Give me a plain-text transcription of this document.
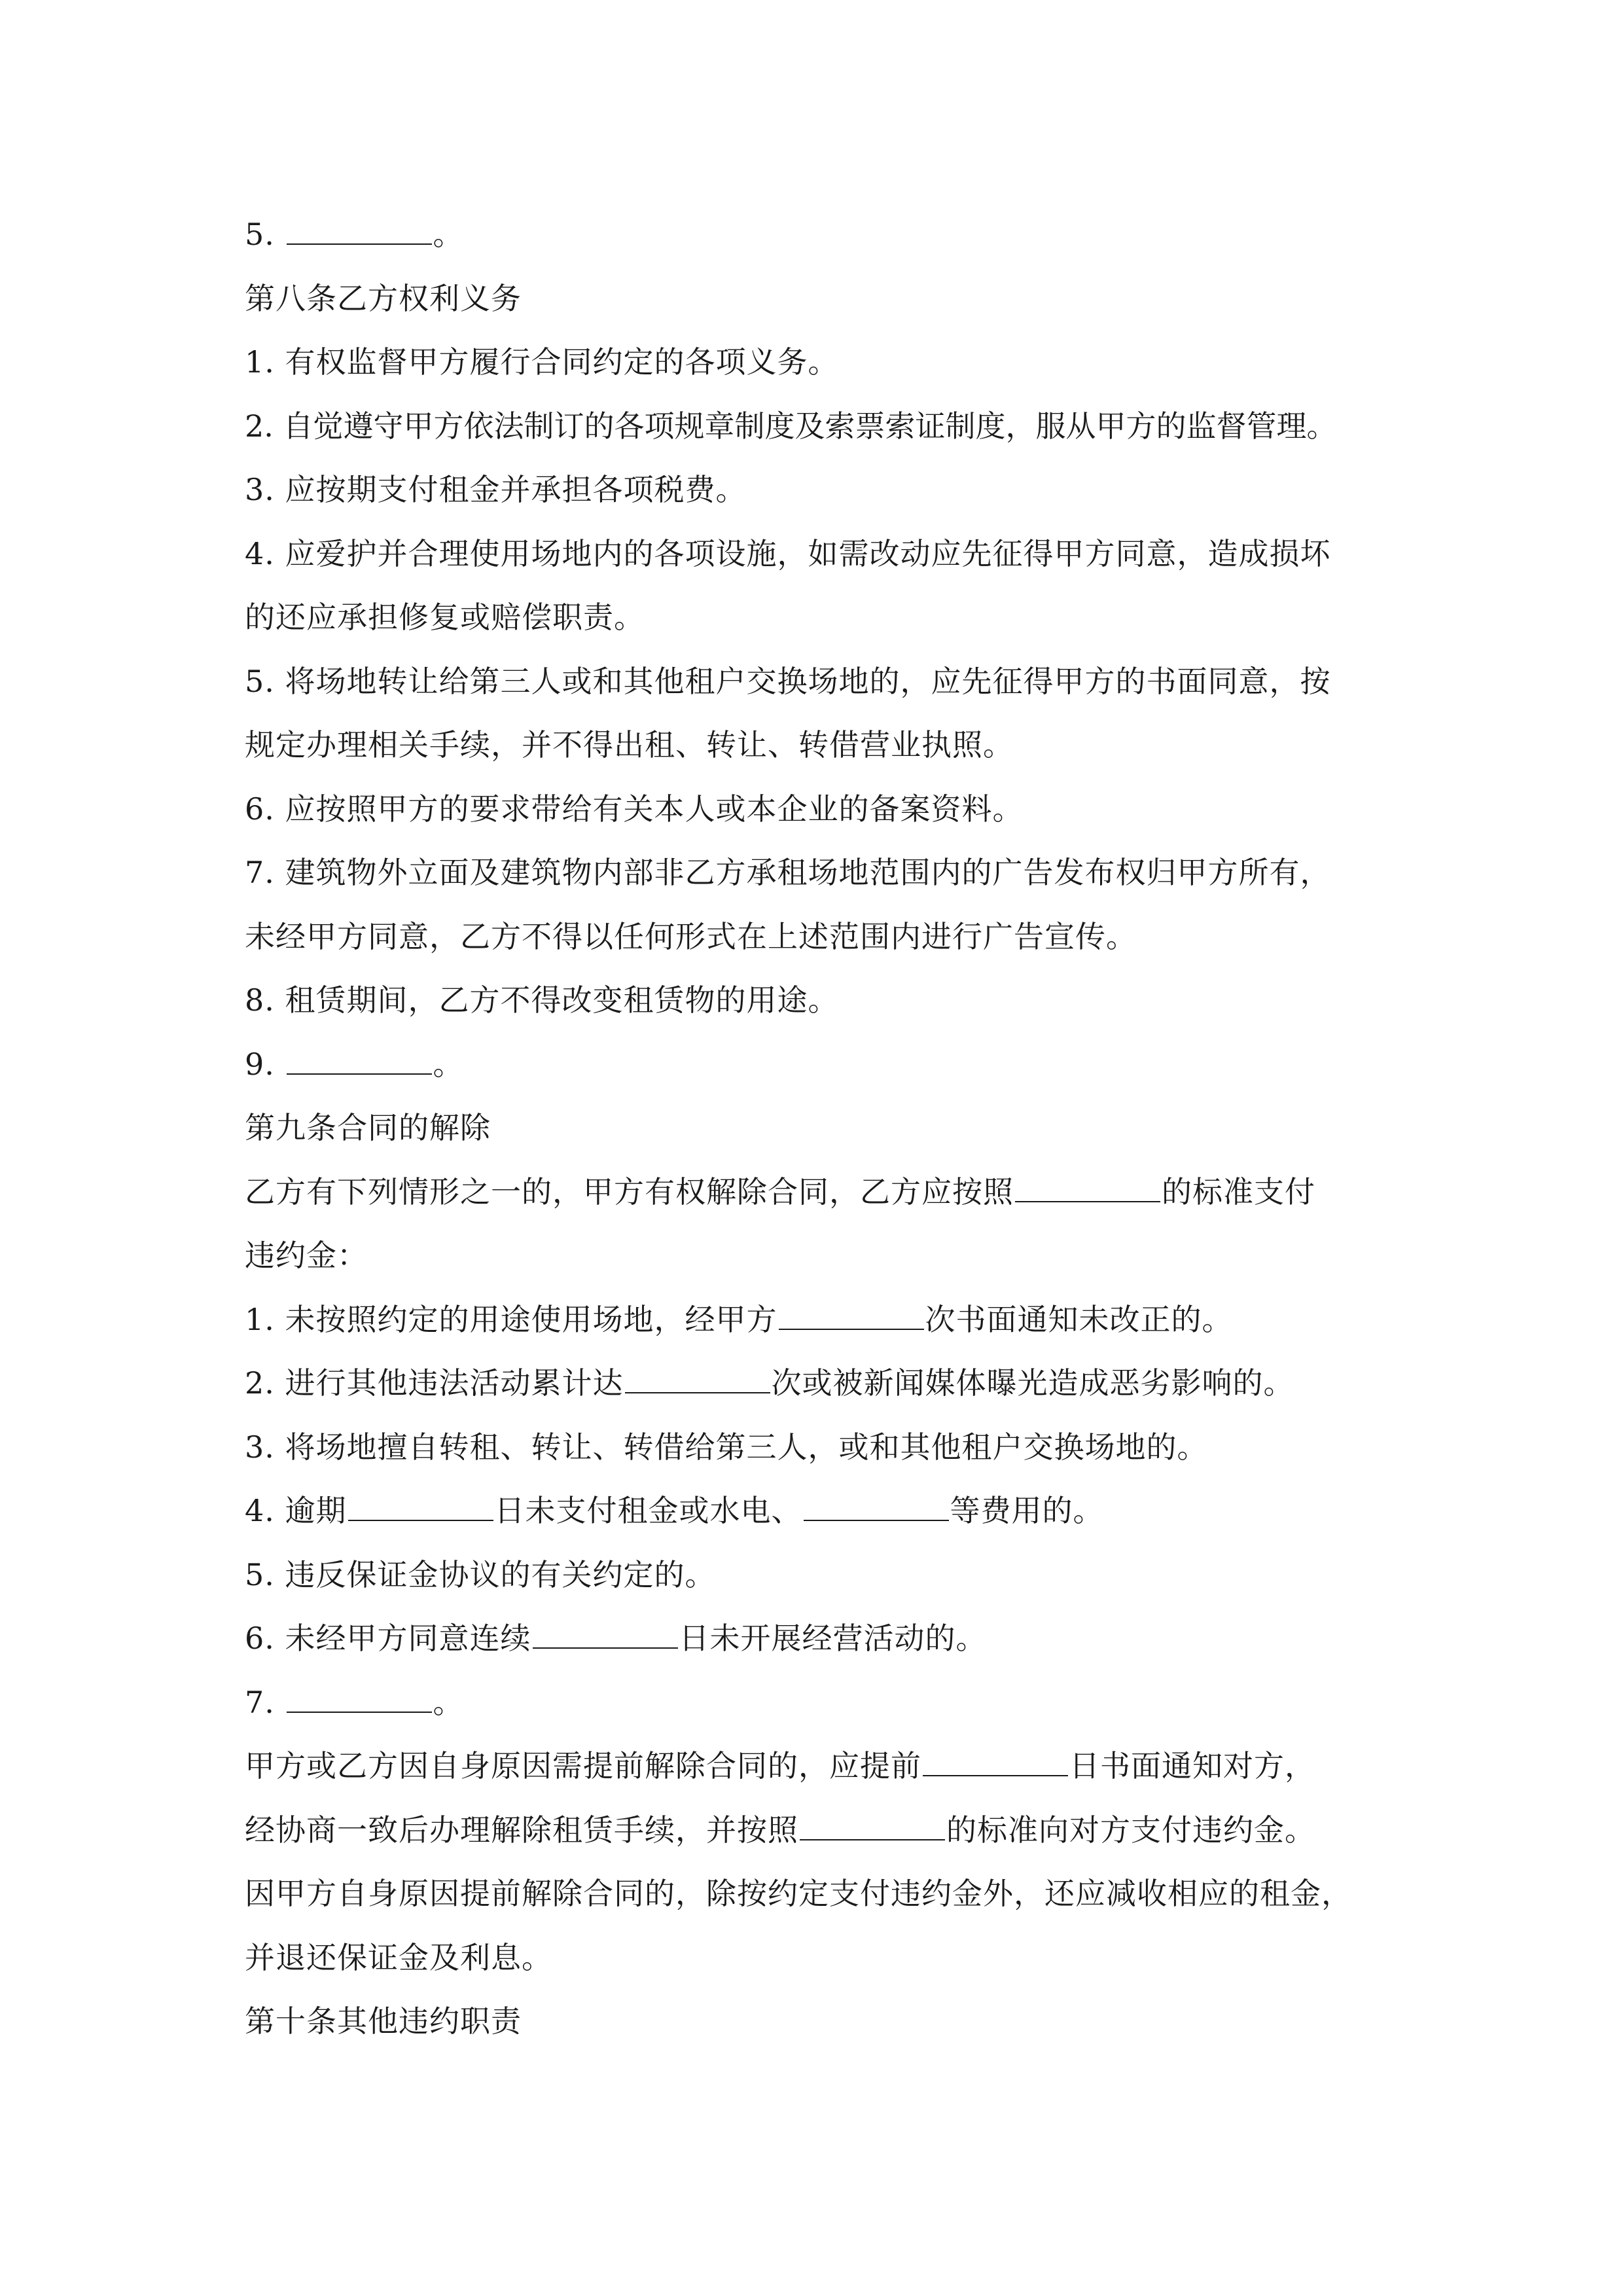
5.	。
第八条乙方权利义务
1. 有权监督甲方履行合同约定的各项义务。
2. 自觉遵守甲方依法制订的各项规章制度及索票索证制度，服从甲方的监督管理。
3. 应按期支付租金并承担各项税费。
4. 应爱护并合理使用场地内的各项设施，如需改动应先征得甲方同意，造成损坏
的还应承担修复或赔偿职责。
5. 将场地转让给第三人或和其他租户交换场地的，应先征得甲方的书面同意，按
规定办理相关手续，并不得出租、转让、转借营业执照。
6. 应按照甲方的要求带给有关本人或本企业的备案资料。
7. 建筑物外立面及建筑物内部非乙方承租场地范围内的广告发布权归甲方所有，
未经甲方同意，乙方不得以任何形式在上述范围内进行广告宣传。
8. 租赁期间，乙方不得改变租赁物的用途。
9.	。
第九条合同的解除
乙方有下列情形之一的，甲方有权解除合同，乙方应按照	的标准支付
违约金：
1. 未按照约定的用途使用场地，经甲方	次书面通知未改正的。
2. 进行其他违法活动累计达	次或被新闻媒体曝光造成恶劣影响的。
3. 将场地擅自转租、转让、转借给第三人，或和其他租户交换场地的。
4. 逾期	日未支付租金或水电、	等费用的。
5. 违反保证金协议的有关约定的。
6. 未经甲方同意连续	日未开展经营活动的。
7.	。
甲方或乙方因自身原因需提前解除合同的，应提前	日书面通知对方，
经协商一致后办理解除租赁手续，并按照	的标准向对方支付违约金。
因甲方自身原因提前解除合同的，除按约定支付违约金外，还应减收相应的租金，
并退还保证金及利息。
第十条其他违约职责
